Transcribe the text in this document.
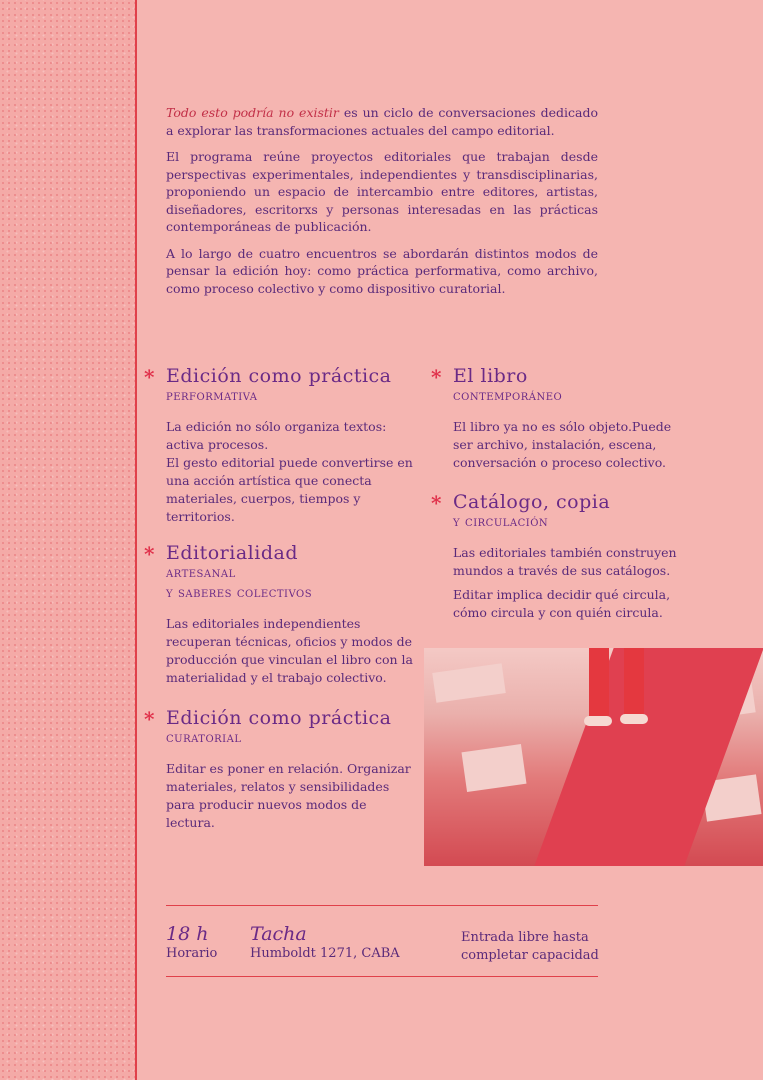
Todo esto podría no existir es un ciclo de conversaciones dedicado a explorar las transformaciones actuales del campo editorial.

El programa reúne proyectos editoriales que trabajan desde perspectivas experimentales, independientes y transdisciplinarias, proponiendo un espacio de intercambio entre editores, artistas, diseñadores, escritorxs y personas interesadas en las prácticas contemporáneas de publicación.

A lo largo de cuatro encuentros se abordarán distintos modos de pensar la edición hoy: como práctica performativa, como archivo, como proceso colectivo y como dispositivo curatorial.

* Edición como práctica
performativa

La edición no sólo organiza textos: activa procesos.

El gesto editorial puede convertirse en una acción artística que conecta materiales, cuerpos, tiempos y territorios.

* Editorialidad
artesanal
y saberes colectivos

Las editoriales independientes recuperan técnicas, oficios y modos de producción que vinculan el libro con la materialidad y el trabajo colectivo.

* Edición como práctica
curatorial

Editar es poner en relación. Organizar materiales, relatos y sensibilidades para producir nuevos modos de lectura.

* El libro
contemporáneo

El libro ya no es sólo objeto.Puede ser archivo, instalación, escena, conversación o proceso colectivo.

* Catálogo, copia
y circulación

Las editoriales también construyen mundos a través de sus catálogos.

Editar implica decidir qué circula, cómo circula y con quién circula.

18 h
Horario
Tacha
Humboldt 1271, CABA
Entrada libre hasta
completar capacidad
